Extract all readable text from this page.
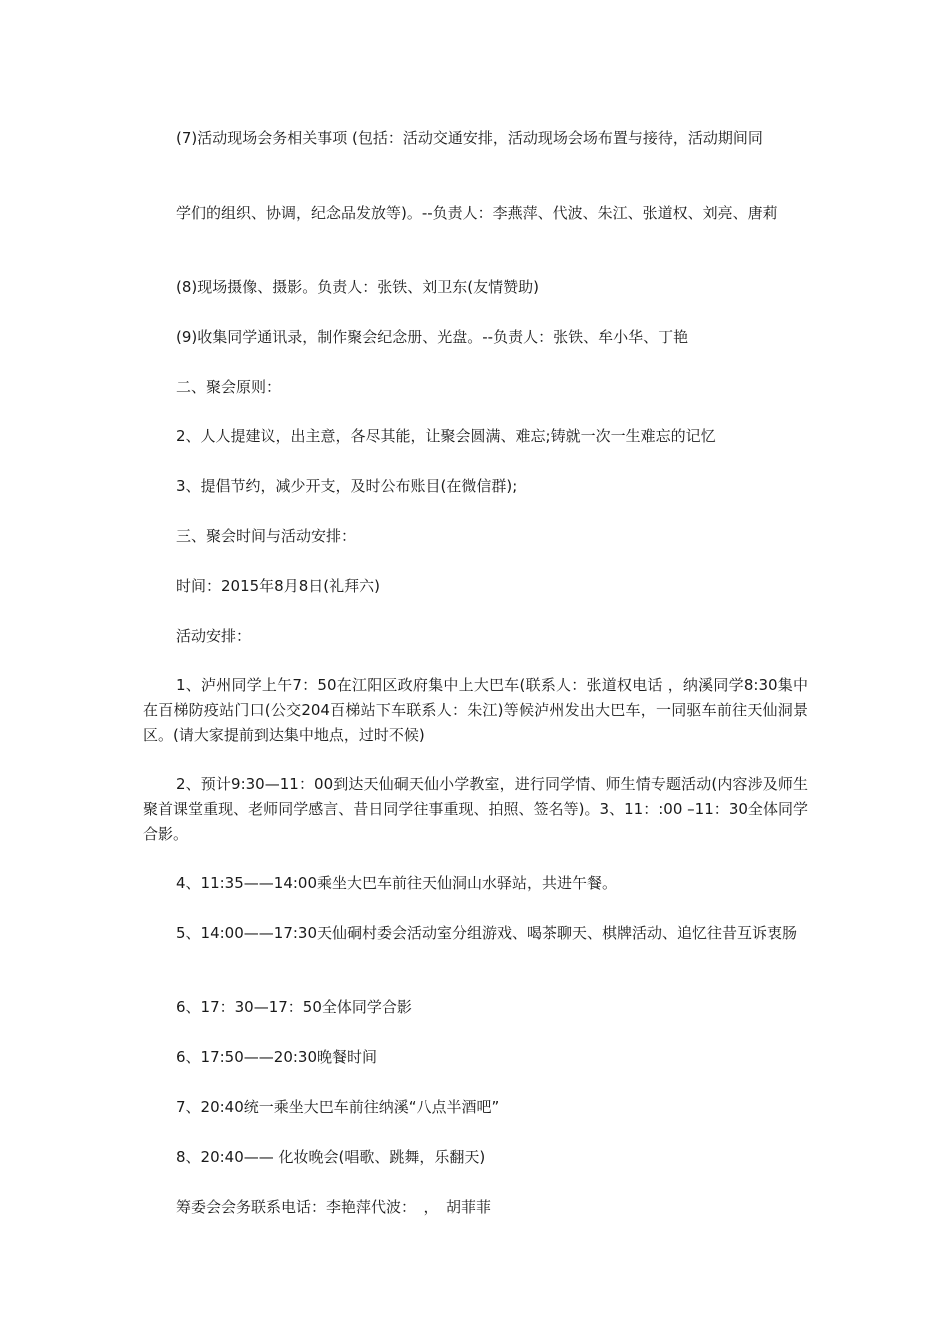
(7)活动现场会务相关事项 (包括：活动交通安排，活动现场会场布置与接待，活动期间同

学们的组织、协调，纪念品发放等)。--负责人：李燕萍、代波、朱江、张道权、刘亮、唐莉

(8)现场摄像、摄影。负责人：张铁、刘卫东(友情赞助)

(9)收集同学通讯录，制作聚会纪念册、光盘。--负责人：张铁、牟小华、丁艳

二、聚会原则：

2、人人提建议，出主意，各尽其能，让聚会圆满、难忘;铸就一次一生难忘的记忆

3、提倡节约，减少开支，及时公布账目(在微信群);

三、聚会时间与活动安排：

时间：2015年8月8日(礼拜六)

活动安排：

1、泸州同学上午7：50在江阳区政府集中上大巴车(联系人：张道权电话 ，纳溪同学8:30集中在百梯防疫站门口(公交204百梯站下车联系人：朱江)等候泸州发出大巴车，一同驱车前往天仙洞景区。(请大家提前到达集中地点，过时不候)

2、预计9:30—11：00到达天仙硐天仙小学教室，进行同学情、师生情专题活动(内容涉及师生聚首课堂重现、老师同学感言、昔日同学往事重现、拍照、签名等)。3、11：:00 –11：30全体同学合影。

4、11:35——14:00乘坐大巴车前往天仙洞山水驿站，共进午餐。

5、14:00——17:30天仙硐村委会活动室分组游戏、喝茶聊天、棋牌活动、追忆往昔互诉衷肠

6、17：30—17：50全体同学合影

6、17:50——20:30晚餐时间

7、20:40统一乘坐大巴车前往纳溪“八点半酒吧”

8、20:40—— 化妆晚会(唱歌、跳舞，乐翻天)

筹委会会务联系电话：李艳萍代波：　，　胡菲菲
